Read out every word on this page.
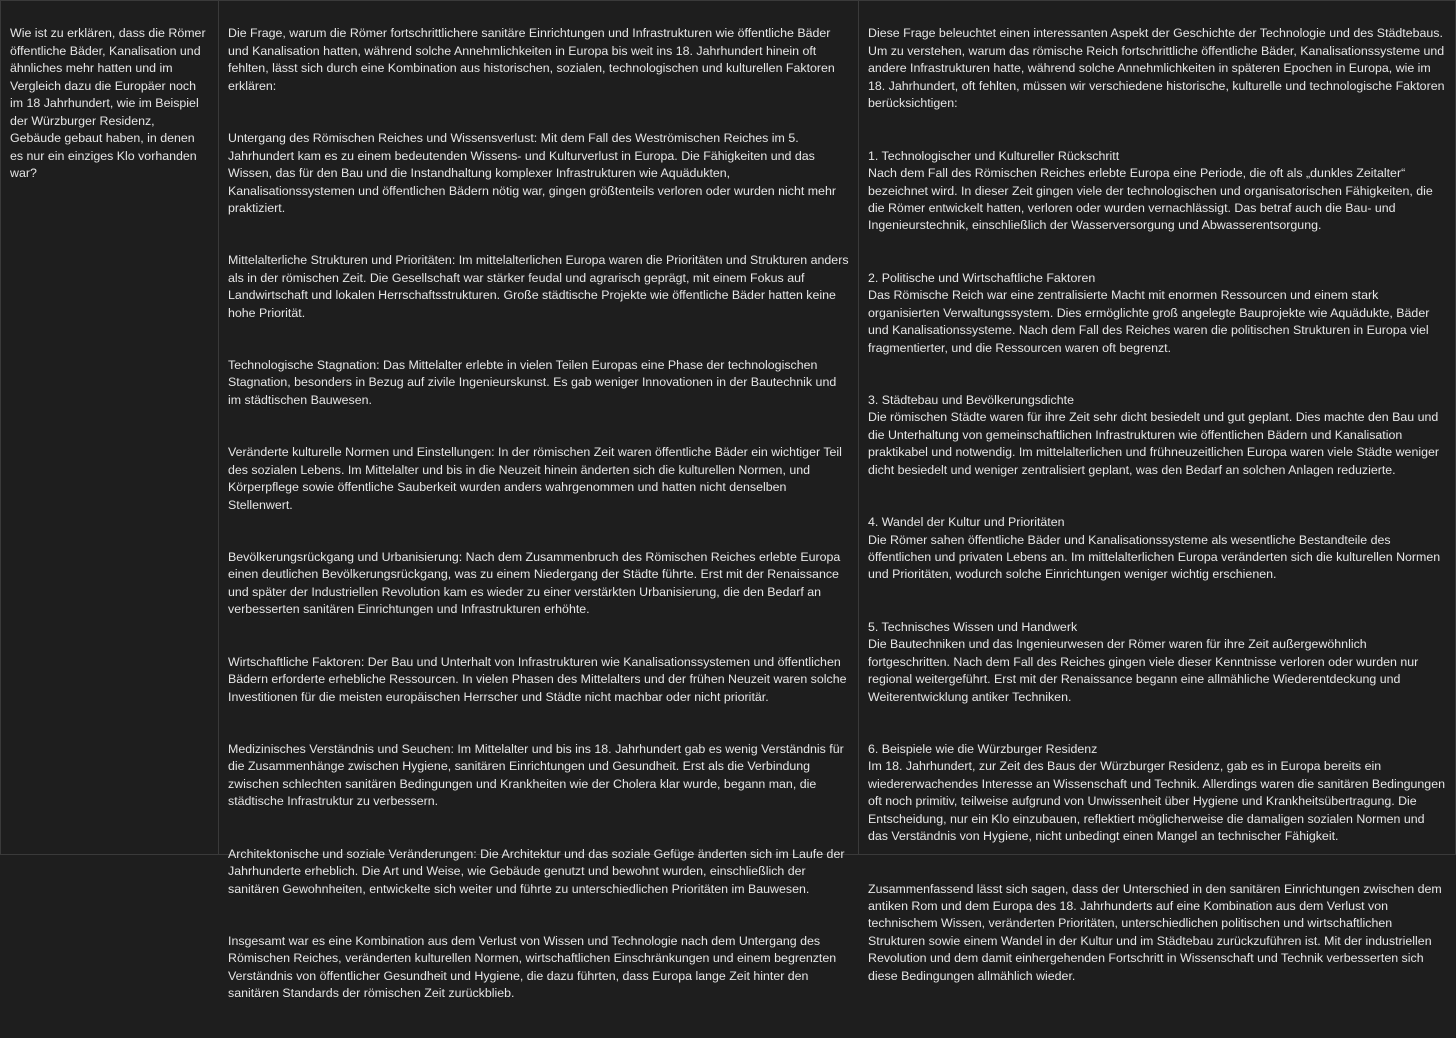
Wie ist zu erklären, dass die Römer öffentliche Bäder, Kanalisation und ähnliches mehr hatten und im Vergleich dazu die Europäer noch im 18 Jahrhundert, wie im Beispiel der Würzburger Residenz, Gebäude gebaut haben, in denen es nur ein einziges Klo vorhanden war?

Die Frage, warum die Römer fortschrittlichere sanitäre Einrichtungen und Infrastrukturen wie öffentliche Bäder und Kanalisation hatten, während solche Annehmlichkeiten in Europa bis weit ins 18. Jahrhundert hinein oft fehlten, lässt sich durch eine Kombination aus historischen, sozialen, technologischen und kulturellen Faktoren erklären:

Untergang des Römischen Reiches und Wissensverlust: Mit dem Fall des Weströmischen Reiches im 5. Jahrhundert kam es zu einem bedeutenden Wissens- und Kulturverlust in Europa. Die Fähigkeiten und das Wissen, das für den Bau und die Instandhaltung komplexer Infrastrukturen wie Aquädukten, Kanalisationssystemen und öffentlichen Bädern nötig war, gingen größtenteils verloren oder wurden nicht mehr praktiziert.

Mittelalterliche Strukturen und Prioritäten: Im mittelalterlichen Europa waren die Prioritäten und Strukturen anders als in der römischen Zeit. Die Gesellschaft war stärker feudal und agrarisch geprägt, mit einem Fokus auf Landwirtschaft und lokalen Herrschaftsstrukturen. Große städtische Projekte wie öffentliche Bäder hatten keine hohe Priorität.

Technologische Stagnation: Das Mittelalter erlebte in vielen Teilen Europas eine Phase der technologischen Stagnation, besonders in Bezug auf zivile Ingenieurskunst. Es gab weniger Innovationen in der Bautechnik und im städtischen Bauwesen.

Veränderte kulturelle Normen und Einstellungen: In der römischen Zeit waren öffentliche Bäder ein wichtiger Teil des sozialen Lebens. Im Mittelalter und bis in die Neuzeit hinein änderten sich die kulturellen Normen, und Körperpflege sowie öffentliche Sauberkeit wurden anders wahrgenommen und hatten nicht denselben Stellenwert.

Bevölkerungsrückgang und Urbanisierung: Nach dem Zusammenbruch des Römischen Reiches erlebte Europa einen deutlichen Bevölkerungsrückgang, was zu einem Niedergang der Städte führte. Erst mit der Renaissance und später der Industriellen Revolution kam es wieder zu einer verstärkten Urbanisierung, die den Bedarf an verbesserten sanitären Einrichtungen und Infrastrukturen erhöhte.

Wirtschaftliche Faktoren: Der Bau und Unterhalt von Infrastrukturen wie Kanalisationssystemen und öffentlichen Bädern erforderte erhebliche Ressourcen. In vielen Phasen des Mittelalters und der frühen Neuzeit waren solche Investitionen für die meisten europäischen Herrscher und Städte nicht machbar oder nicht prioritär.

Medizinisches Verständnis und Seuchen: Im Mittelalter und bis ins 18. Jahrhundert gab es wenig Verständnis für die Zusammenhänge zwischen Hygiene, sanitären Einrichtungen und Gesundheit. Erst als die Verbindung zwischen schlechten sanitären Bedingungen und Krankheiten wie der Cholera klar wurde, begann man, die städtische Infrastruktur zu verbessern.

Architektonische und soziale Veränderungen: Die Architektur und das soziale Gefüge änderten sich im Laufe der Jahrhunderte erheblich. Die Art und Weise, wie Gebäude genutzt und bewohnt wurden, einschließlich der sanitären Gewohnheiten, entwickelte sich weiter und führte zu unterschiedlichen Prioritäten im Bauwesen.

Insgesamt war es eine Kombination aus dem Verlust von Wissen und Technologie nach dem Untergang des Römischen Reiches, veränderten kulturellen Normen, wirtschaftlichen Einschränkungen und einem begrenzten Verständnis von öffentlicher Gesundheit und Hygiene, die dazu führten, dass Europa lange Zeit hinter den sanitären Standards der römischen Zeit zurückblieb.

Diese Frage beleuchtet einen interessanten Aspekt der Geschichte der Technologie und des Städtebaus. Um zu verstehen, warum das römische Reich fortschrittliche öffentliche Bäder, Kanalisationssysteme und andere Infrastrukturen hatte, während solche Annehmlichkeiten in späteren Epochen in Europa, wie im 18. Jahrhundert, oft fehlten, müssen wir verschiedene historische, kulturelle und technologische Faktoren berücksichtigen:

1. Technologischer und Kultureller Rückschritt
Nach dem Fall des Römischen Reiches erlebte Europa eine Periode, die oft als „dunkles Zeitalter“ bezeichnet wird. In dieser Zeit gingen viele der technologischen und organisatorischen Fähigkeiten, die die Römer entwickelt hatten, verloren oder wurden vernachlässigt. Das betraf auch die Bau- und Ingenieurstechnik, einschließlich der Wasserversorgung und Abwasserentsorgung.

2. Politische und Wirtschaftliche Faktoren
Das Römische Reich war eine zentralisierte Macht mit enormen Ressourcen und einem stark organisierten Verwaltungssystem. Dies ermöglichte groß angelegte Bauprojekte wie Aquädukte, Bäder und Kanalisationssysteme. Nach dem Fall des Reiches waren die politischen Strukturen in Europa viel fragmentierter, und die Ressourcen waren oft begrenzt.

3. Städtebau und Bevölkerungsdichte
Die römischen Städte waren für ihre Zeit sehr dicht besiedelt und gut geplant. Dies machte den Bau und die Unterhaltung von gemeinschaftlichen Infrastrukturen wie öffentlichen Bädern und Kanalisation praktikabel und notwendig. Im mittelalterlichen und frühneuzeitlichen Europa waren viele Städte weniger dicht besiedelt und weniger zentralisiert geplant, was den Bedarf an solchen Anlagen reduzierte.

4. Wandel der Kultur und Prioritäten
Die Römer sahen öffentliche Bäder und Kanalisationssysteme als wesentliche Bestandteile des öffentlichen und privaten Lebens an. Im mittelalterlichen Europa veränderten sich die kulturellen Normen und Prioritäten, wodurch solche Einrichtungen weniger wichtig erschienen.

5. Technisches Wissen und Handwerk
Die Bautechniken und das Ingenieurwesen der Römer waren für ihre Zeit außergewöhnlich fortgeschritten. Nach dem Fall des Reiches gingen viele dieser Kenntnisse verloren oder wurden nur regional weitergeführt. Erst mit der Renaissance begann eine allmähliche Wiederentdeckung und Weiterentwicklung antiker Techniken.

6. Beispiele wie die Würzburger Residenz
Im 18. Jahrhundert, zur Zeit des Baus der Würzburger Residenz, gab es in Europa bereits ein wiedererwachendes Interesse an Wissenschaft und Technik. Allerdings waren die sanitären Bedingungen oft noch primitiv, teilweise aufgrund von Unwissenheit über Hygiene und Krankheitsübertragung. Die Entscheidung, nur ein Klo einzubauen, reflektiert möglicherweise die damaligen sozialen Normen und das Verständnis von Hygiene, nicht unbedingt einen Mangel an technischer Fähigkeit.

Zusammenfassend lässt sich sagen, dass der Unterschied in den sanitären Einrichtungen zwischen dem antiken Rom und dem Europa des 18. Jahrhunderts auf eine Kombination aus dem Verlust von technischem Wissen, veränderten Prioritäten, unterschiedlichen politischen und wirtschaftlichen Strukturen sowie einem Wandel in der Kultur und im Städtebau zurückzuführen ist. Mit der industriellen Revolution und dem damit einhergehenden Fortschritt in Wissenschaft und Technik verbesserten sich diese Bedingungen allmählich wieder.
